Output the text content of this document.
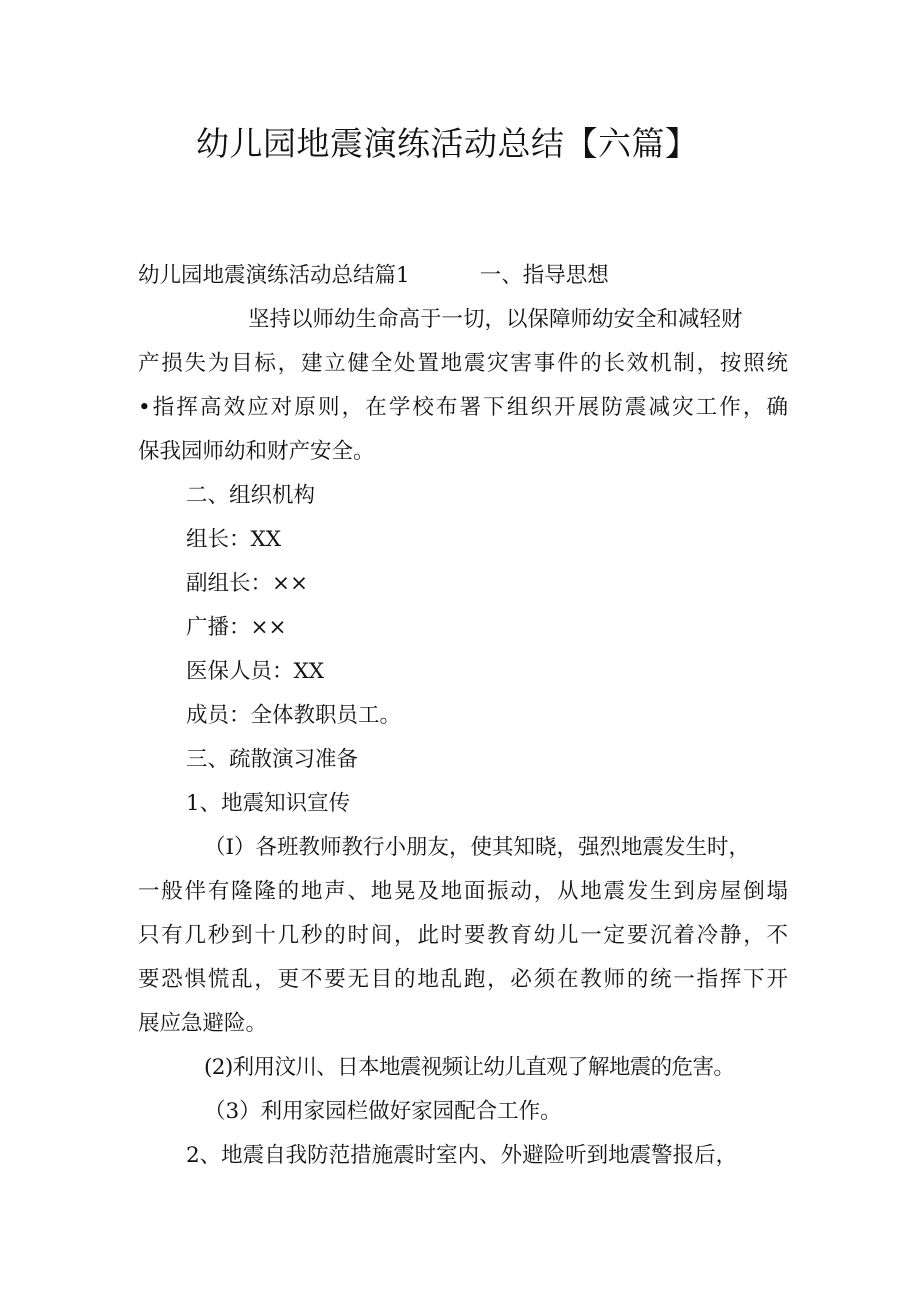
幼儿园地震演练活动总结【六篇】
幼儿园地震演练活动总结篇1	一、指导思想
坚持以师幼生命高于一切，以保障师幼安全和减轻财
产损失为目标，建立健全处置地震灾害事件的长效机制，按照统
•指挥高效应对原则，在学校布署下组织开展防震减灾工作，确
保我园师幼和财产安全。
二、组织机构
组长：XX
副组长：××
广播：××
医保人员：XX
成员：全体教职员工。
三、疏散演习准备
1、地震知识宣传
（I）各班教师教行小朋友，使其知晓，强烈地震发生时，
一般伴有隆隆的地声、地晃及地面振动，从地震发生到房屋倒塌
只有几秒到十几秒的时间，此时要教育幼儿一定要沉着冷静，不
要恐惧慌乱，更不要无目的地乱跑，必须在教师的统一指挥下开
展应急避险。
(2)利用汶川、日本地震视频让幼儿直观了解地震的危害。
（3）利用家园栏做好家园配合工作。
2、地震自我防范措施震时室内、外避险听到地震警报后，
